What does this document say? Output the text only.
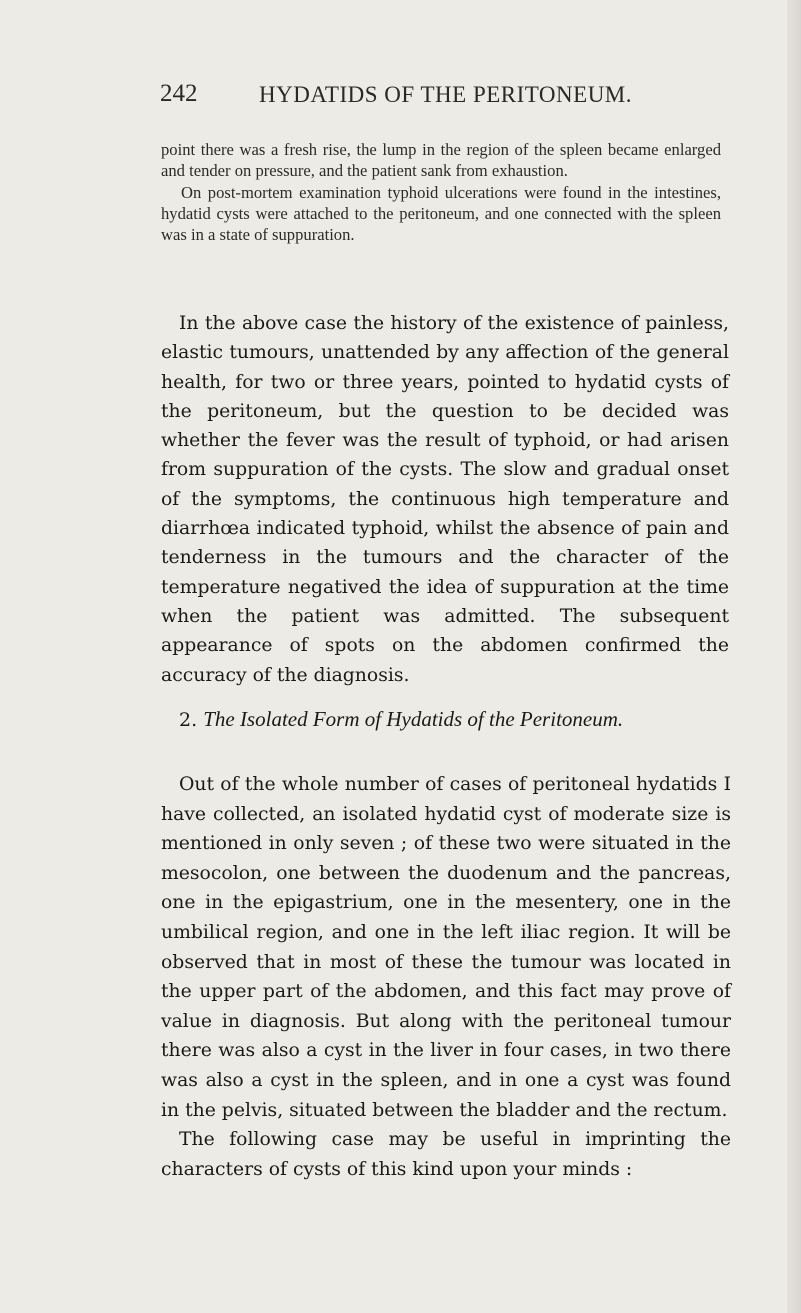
242	HYDATIDS OF THE PERITONEUM.

point there was a fresh rise, the lump in the region of the spleen became enlarged and tender on pressure, and the patient sank from exhaustion.

On post-mortem examination typhoid ulcerations were found in the intestines, hydatid cysts were attached to the peritoneum, and one connected with the spleen was in a state of suppuration.

In the above case the history of the existence of painless, elastic tumours, unattended by any affection of the general health, for two or three years, pointed to hydatid cysts of the peritoneum, but the question to be decided was whether the fever was the result of typhoid, or had arisen from suppuration of the cysts. The slow and gradual onset of the symptoms, the continuous high temperature and diarrhœa indicated typhoid, whilst the absence of pain and tenderness in the tumours and the character of the temperature negatived the idea of suppuration at the time when the patient was admitted. The subsequent appearance of spots on the abdomen confirmed the accuracy of the diagnosis.

2. The Isolated Form of Hydatids of the Peritoneum.

Out of the whole number of cases of peritoneal hydatids I have collected, an isolated hydatid cyst of moderate size is mentioned in only seven ; of these two were situated in the mesocolon, one between the duodenum and the pancreas, one in the epigastrium, one in the mesentery, one in the umbilical region, and one in the left iliac region. It will be observed that in most of these the tumour was located in the upper part of the abdomen, and this fact may prove of value in diagnosis. But along with the peritoneal tumour there was also a cyst in the liver in four cases, in two there was also a cyst in the spleen, and in one a cyst was found in the pelvis, situated between the bladder and the rectum.

The following case may be useful in imprinting the characters of cysts of this kind upon your minds :
